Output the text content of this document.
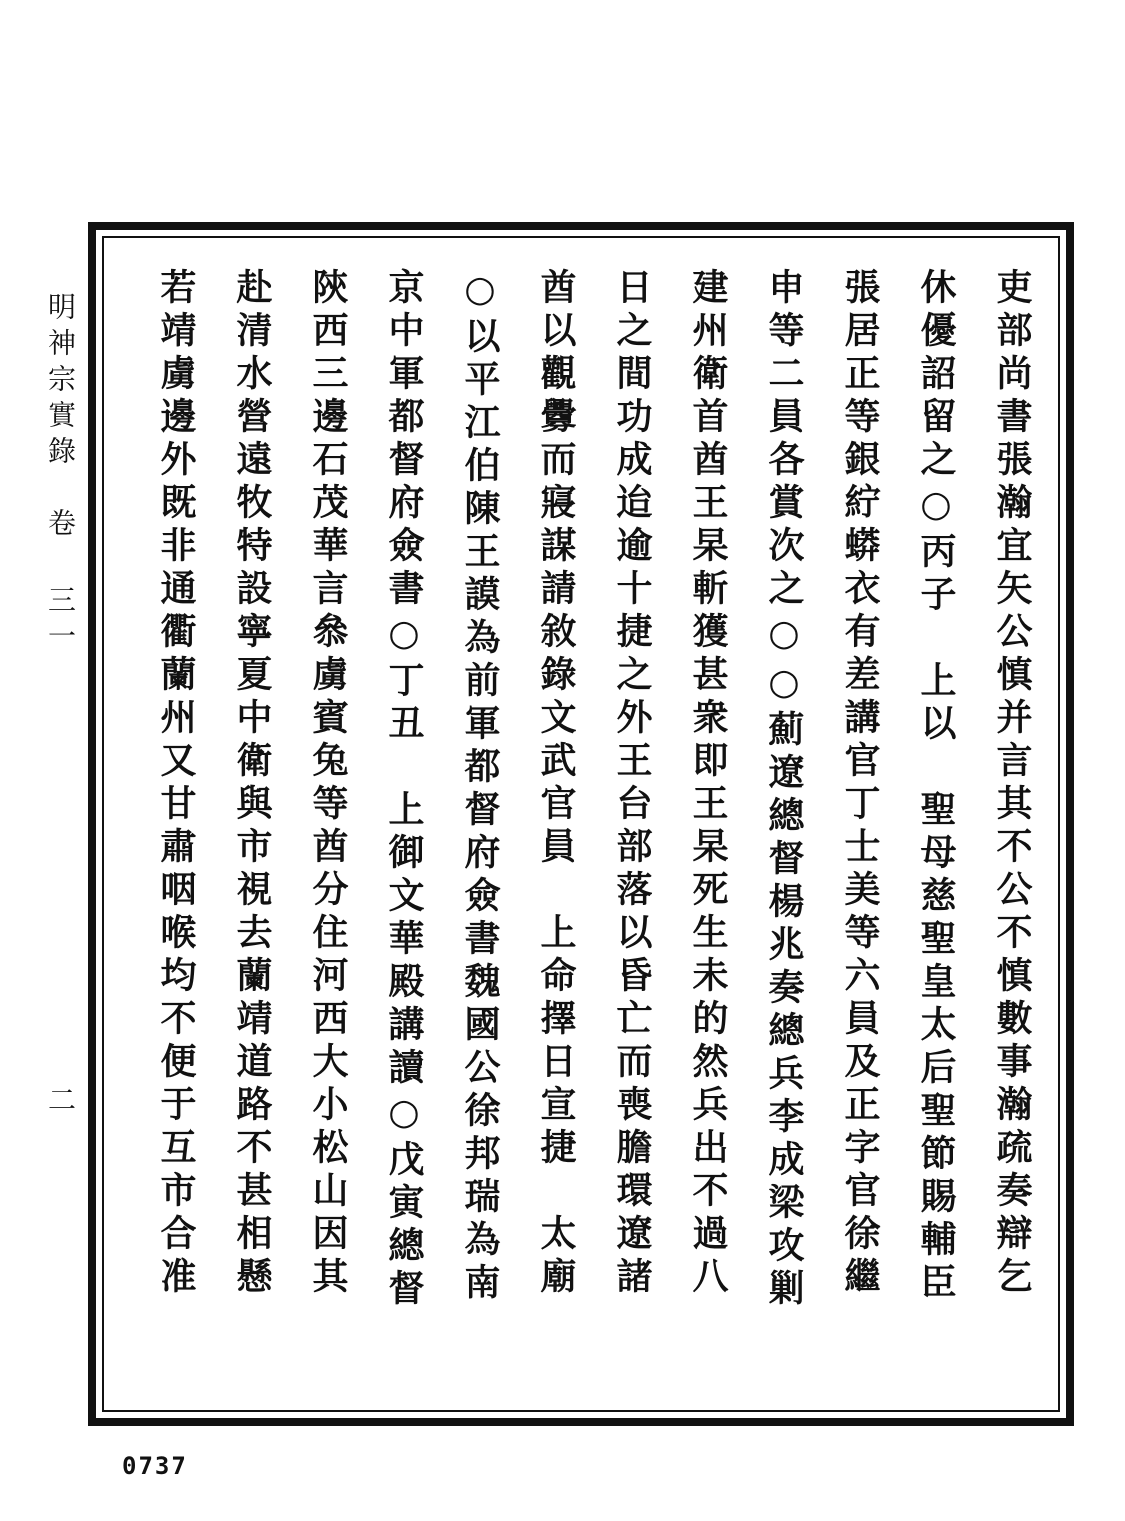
明神宗實錄　卷 三一
二	吏部尚書張瀚宜矢公慎并言其不公不慎數事瀚疏奏辯乞
休優詔留之○丙子　上以　聖母慈聖皇太后聖節賜輔臣
張居正等銀紵蟒衣有差講官丁士美等六員及正字官徐繼
申等二員各賞次之○○薊遼總督楊兆奏總兵李成梁攻剿
建州衛首酋王杲斬獲甚衆即王杲死生未的然兵出不過八
日之間功成迨逾十捷之外王台部落以昏亡而喪膽環遼諸
酋以觀釁而寢謀請敘錄文武官員　上命擇日宣捷　太廟
○以平江伯陳王謨為前軍都督府僉書魏國公徐邦瑞為南
京中軍都督府僉書○丁丑　上御文華殿講讀○戊寅總督
陝西三邊石茂華言叅虜賓兔等酋分住河西大小松山因其
赴清水營遠牧特設寧夏中衛與市視去蘭靖道路不甚相懸
若靖虜邊外既非通衢蘭州又甘肅咽喉均不便于互市合准
0737
